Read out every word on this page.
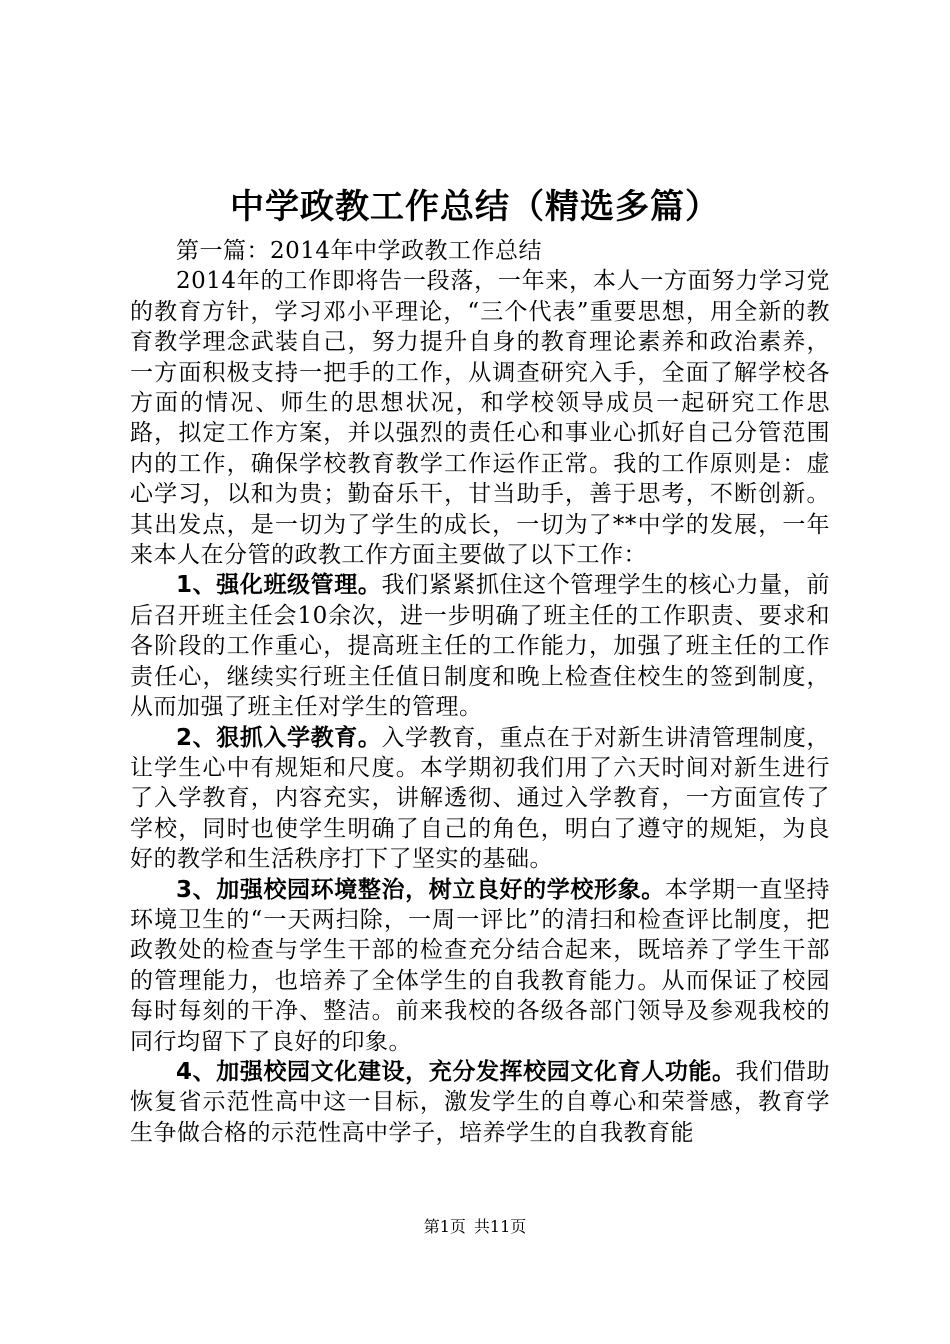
中学政教工作总结（精选多篇）

第一篇：2014年中学政教工作总结

2014年的工作即将告一段落，一年来，本人一方面努力学习党的教育方针，学习邓小平理论，“三个代表”重要思想，用全新的教育教学理念武装自己，努力提升自身的教育理论素养和政治素养，一方面积极支持一把手的工作，从调查研究入手，全面了解学校各方面的情况、师生的思想状况，和学校领导成员一起研究工作思路，拟定工作方案，并以强烈的责任心和事业心抓好自己分管范围内的工作，确保学校教育教学工作运作正常。我的工作原则是：虚心学习，以和为贵；勤奋乐干，甘当助手，善于思考，不断创新。其出发点，是一切为了学生的成长，一切为了**中学的发展，一年来本人在分管的政教工作方面主要做了以下工作：

1、强化班级管理。我们紧紧抓住这个管理学生的核心力量，前后召开班主任会10余次，进一步明确了班主任的工作职责、要求和各阶段的工作重心，提高班主任的工作能力，加强了班主任的工作责任心，继续实行班主任值日制度和晚上检查住校生的签到制度，从而加强了班主任对学生的管理。

2、狠抓入学教育。入学教育，重点在于对新生讲清管理制度，让学生心中有规矩和尺度。本学期初我们用了六天时间对新生进行了入学教育，内容充实，讲解透彻、通过入学教育，一方面宣传了学校，同时也使学生明确了自己的角色，明白了遵守的规矩，为良好的教学和生活秩序打下了坚实的基础。

3、加强校园环境整治，树立良好的学校形象。本学期一直坚持环境卫生的“一天两扫除，一周一评比”的清扫和检查评比制度，把政教处的检查与学生干部的检查充分结合起来，既培养了学生干部的管理能力，也培养了全体学生的自我教育能力。从而保证了校园每时每刻的干净、整洁。前来我校的各级各部门领导及参观我校的同行均留下了良好的印象。

4、加强校园文化建设，充分发挥校园文化育人功能。我们借助恢复省示范性高中这一目标，激发学生的自尊心和荣誉感，教育学生争做合格的示范性高中学子，培养学生的自我教育能

第1页 共11页
